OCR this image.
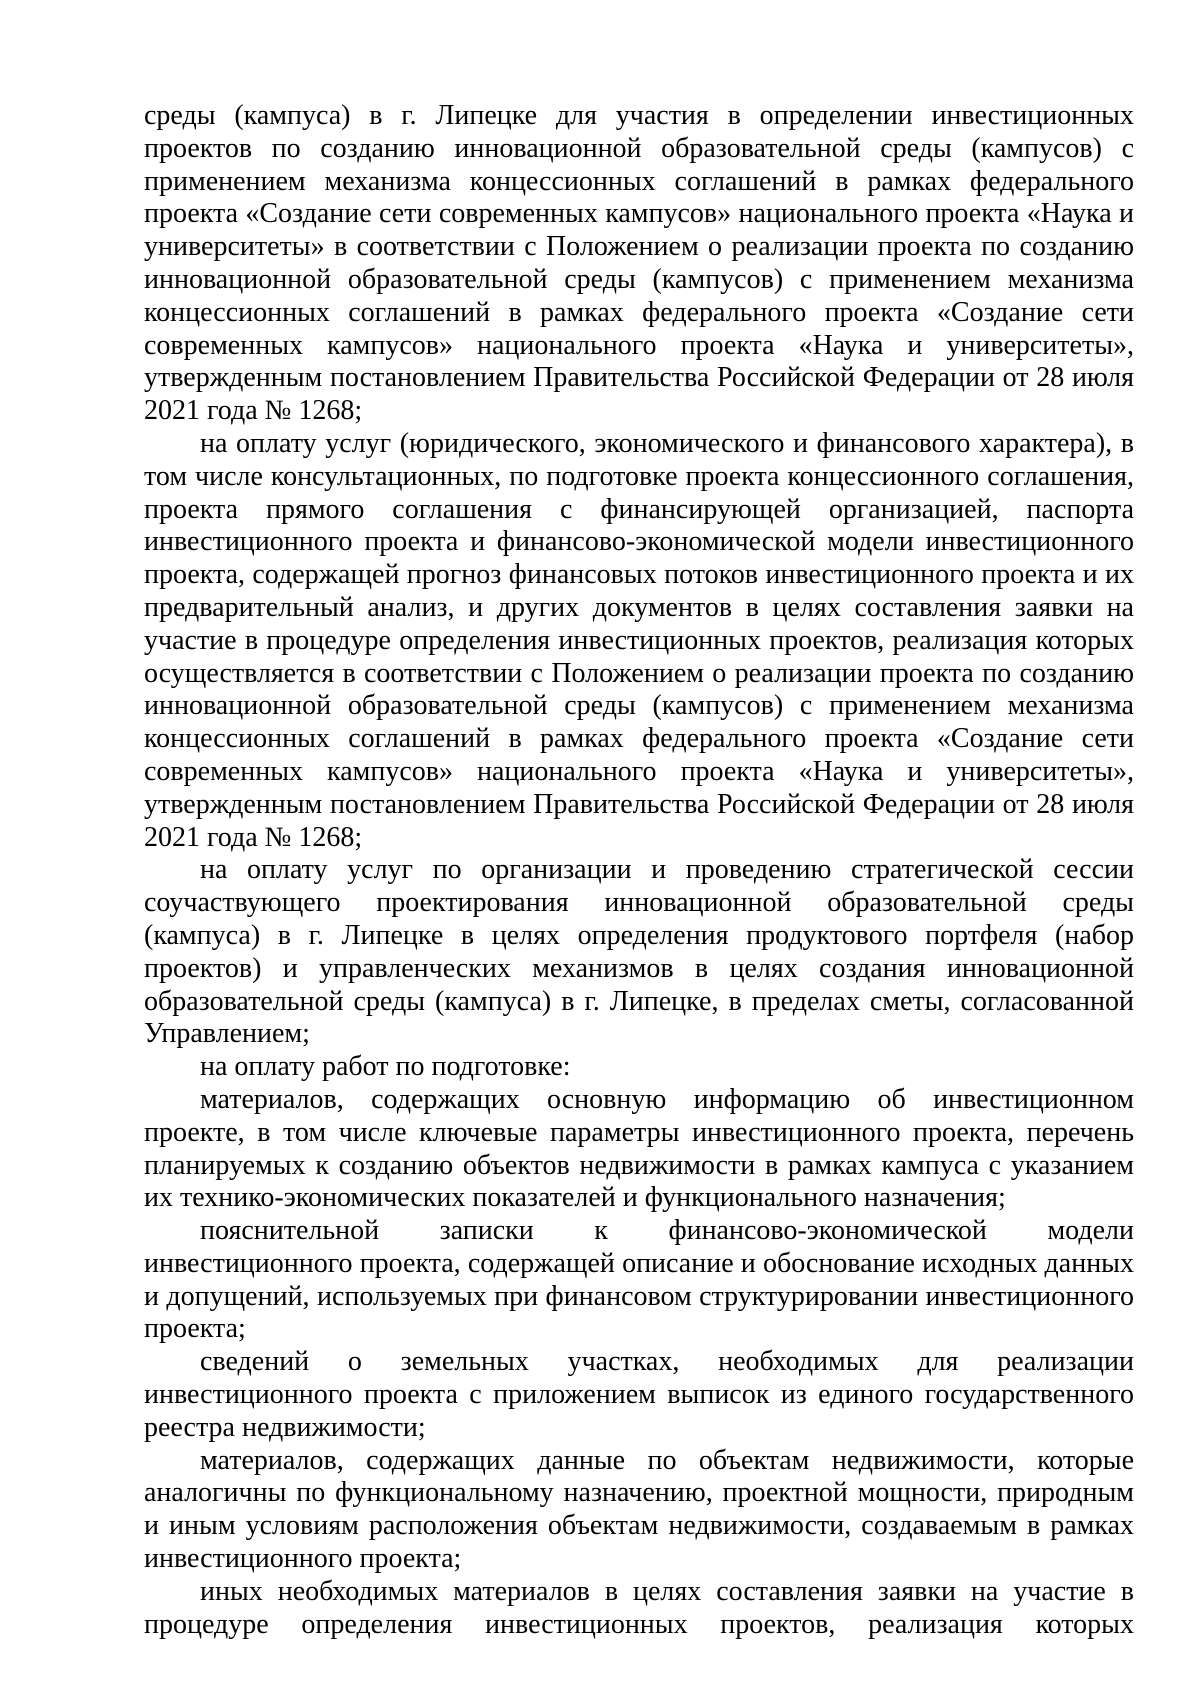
среды (кампуса) в г. Липецке для участия в определении инвестиционных проектов по созданию инновационной образовательной среды (кампусов) с применением механизма концессионных соглашений в рамках федерального проекта «Создание сети современных кампусов» национального проекта «Наука и университеты» в соответствии с Положением о реализации проекта по созданию инновационной образовательной среды (кампусов) с применением механизма концессионных соглашений в рамках федерального проекта «Создание сети современных кампусов» национального проекта «Наука и университеты», утвержденным постановлением Правительства Российской Федерации от 28 июля 2021 года № 1268;

на оплату услуг (юридического, экономического и финансового характера), в том числе консультационных, по подготовке проекта концессионного соглашения, проекта прямого соглашения с финансирующей организацией, паспорта инвестиционного проекта и финансово-экономической модели инвестиционного проекта, содержащей прогноз финансовых потоков инвестиционного проекта и их предварительный анализ, и других документов в целях составления заявки на участие в процедуре определения инвестиционных проектов, реализация которых осуществляется в соответствии с Положением о реализации проекта по созданию инновационной образовательной среды (кампусов) с применением механизма концессионных соглашений в рамках федерального проекта «Создание сети современных кампусов» национального проекта «Наука и университеты», утвержденным постановлением Правительства Российской Федерации от 28 июля 2021 года № 1268;

на оплату услуг по организации и проведению стратегической сессии соучаствующего проектирования инновационной образовательной среды (кампуса) в г. Липецке в целях определения продуктового портфеля (набор проектов) и управленческих механизмов в целях создания инновационной образовательной среды (кампуса) в г. Липецке, в пределах сметы, согласованной Управлением;

на оплату работ по подготовке:

материалов, содержащих основную информацию об инвестиционном проекте, в том числе ключевые параметры инвестиционного проекта, перечень планируемых к созданию объектов недвижимости в рамках кампуса с указанием их технико-экономических показателей и функционального назначения;

пояснительной записки к финансово-экономической модели инвестиционного проекта, содержащей описание и обоснование исходных данных и допущений, используемых при финансовом структурировании инвестиционного проекта;

сведений о земельных участках, необходимых для реализации инвестиционного проекта с приложением выписок из единого государственного реестра недвижимости;

материалов, содержащих данные по объектам недвижимости, которые аналогичны по функциональному назначению, проектной мощности, природным и иным условиям расположения объектам недвижимости, создаваемым в рамках инвестиционного проекта;

иных необходимых материалов в целях составления заявки на участие в процедуре определения инвестиционных проектов, реализация которых
